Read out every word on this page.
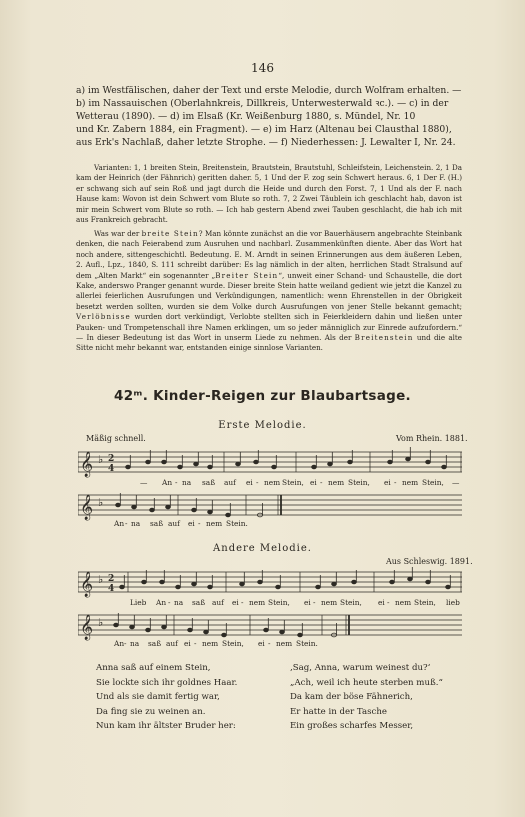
146
a) im Westfälischen, daher der Text und erste Melodie, durch Wolfram erhalten. —
b) im Nassauischen (Oberlahnkreis, Dillkreis, Unterwesterwald ꝛc.). — c) in der
Wetterau (1890). — d) im Elsaß (Kr. Weißenburg 1880, s. Mündel, Nr. 10
und Kr. Zabern 1884, ein Fragment). — e) im Harz (Altenau bei Clausthal 1880),
aus Erk's Nachlaß, daher letzte Strophe. — f) Niederhessen: J. Lewalter I, Nr. 24.

Varianten: 1, 1 breiten Stein, Breitenstein, Brautstein, Brautstuhl, Schleifstein, Leichenstein. 2, 1 Da kam der Heinrich (der Fähnrich) geritten daher. 5, 1 Und der F. zog sein Schwert heraus. 6, 1 Der F. (H.) er schwang sich auf sein Roß und jagt durch die Heide und durch den Forst. 7, 1 Und als der F. nach Hause kam: Wovon ist dein Schwert vom Blute so roth. 7, 2 Zwei Täublein ich geschlacht hab, davon ist mir mein Schwert vom Blute so roth. — Ich hab gestern Abend zwei Tauben geschlacht, die hab ich mit aus Frankreich gebracht.

Was war der breite Stein? Man könnte zunächst an die vor Bauerhäusern angebrachte Steinbank denken, die nach Feierabend zum Ausruhen und nachbarl. Zusammenkünften diente. Aber das Wort hat noch andere, sittengeschichtl. Bedeutung. E. M. Arndt in seinen Erinnerungen aus dem äußeren Leben, 2. Aufl., Lpz., 1840, S. 111 schreibt darüber: Es lag nämlich in der alten, herrlichen Stadt Stralsund auf dem „Alten Markt“ ein sogenannter „Breiter Stein“, unweit einer Schand- und Schaustelle, die dort Kake, anderswo Pranger genannt wurde. Dieser breite Stein hatte weiland gedient wie jetzt die Kanzel zu allerlei feierlichen Ausrufungen und Verkündigungen, namentlich: wenn Ehrenstellen in der Obrigkeit besetzt werden sollten, wurden sie dem Volke durch Ausrufungen von jener Stelle bekannt gemacht; Verlöbnisse wurden dort verkündigt, Verlobte stellten sich in Feierkleidern dahin und ließen unter Pauken- und Trompetenschall ihre Namen erklingen, um so jeder männiglich zur Einrede aufzufordern.“ — In dieser Bedeutung ist das Wort in unserm Liede zu nehmen. Als der Breitenstein und die alte Sitte nicht mehr bekannt war, entstanden einige sinnlose Varianten.

42ᵐ. Kinder-Reigen zur Blaubartsage.
Erste Melodie.
Mäßig schnell.	Vom Rhein. 1881.
𝄞 ♭ 2
4
— An - na saß auf ei - nem Stein, ei - nem Stein, ei - nem Stein, —
𝄞 ♭
An - na saß auf ei - nem Stein.
Andere Melodie.
Aus Schleswig. 1891.
𝄞 ♭ 2
4
Lieb An - na saß auf ei - nem Stein, ei - nem Stein, ei - nem Stein, lieb
𝄞 ♭
An - na saß auf ei - nem Stein, ei - nem Stein.
Anna saß auf einem Stein,
Sie lockte sich ihr goldnes Haar.
Und als sie damit fertig war,
Da fing sie zu weinen an.
Nun kam ihr ältster Bruder her:
‚Sag, Anna, warum weinest du?‘
„Ach, weil ich heute sterben muß.“
Da kam der böse Fähnerich,
Er hatte in der Tasche
Ein großes scharfes Messer,
